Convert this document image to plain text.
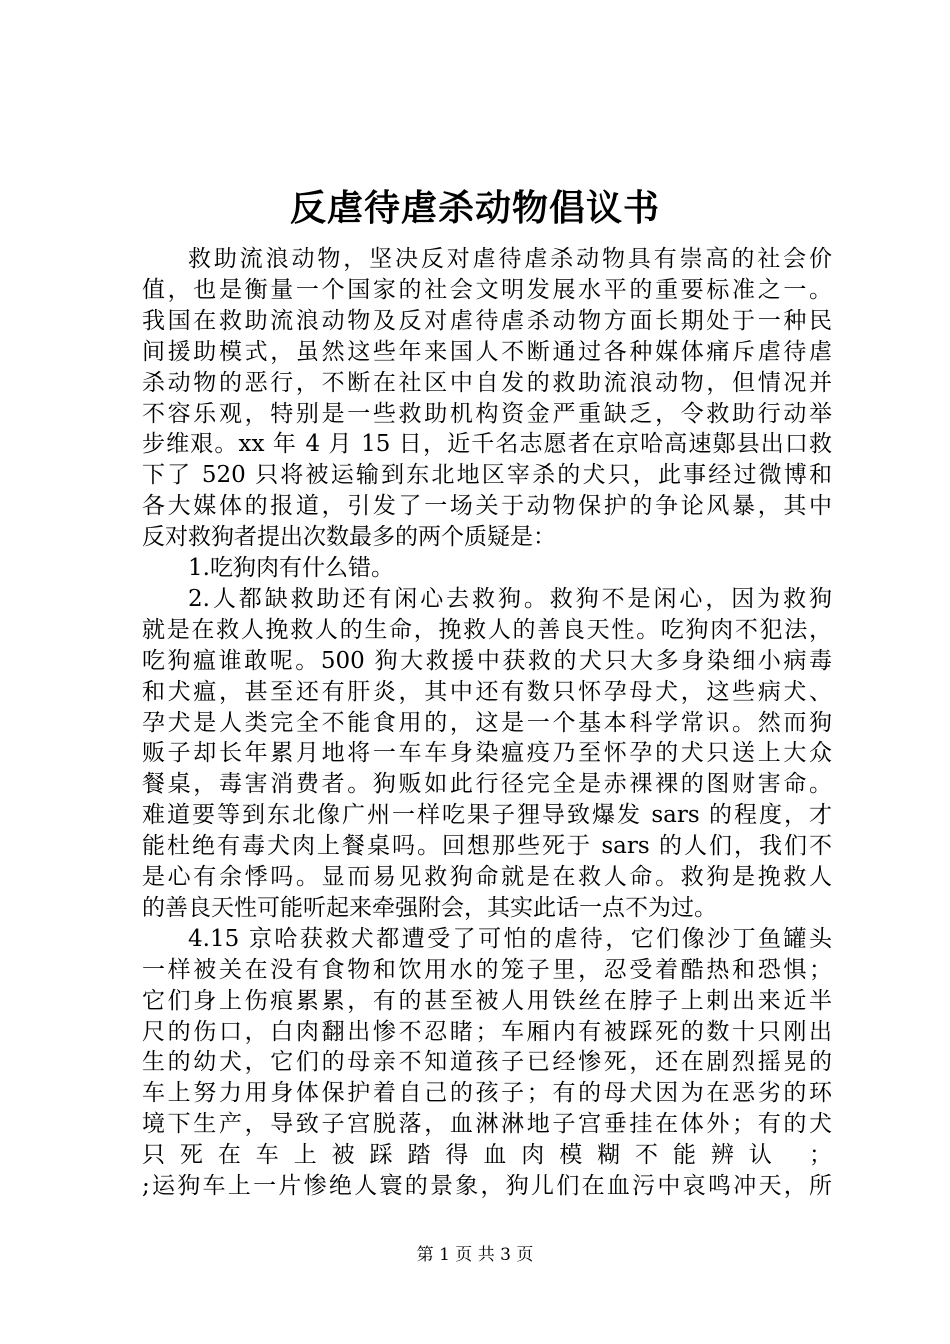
反虐待虐杀动物倡议书

救助流浪动物，坚决反对虐待虐杀动物具有崇高的社会价

值，也是衡量一个国家的社会文明发展水平的重要标准之一。

我国在救助流浪动物及反对虐待虐杀动物方面长期处于一种民

间援助模式，虽然这些年来国人不断通过各种媒体痛斥虐待虐

杀动物的恶行，不断在社区中自发的救助流浪动物，但情况并

不容乐观，特别是一些救助机构资金严重缺乏，令救助行动举

步维艰。xx 年 4 月 15 日，近千名志愿者在京哈高速鄚县出口救

下了 520 只将被运输到东北地区宰杀的犬只，此事经过微博和

各大媒体的报道，引发了一场关于动物保护的争论风暴，其中

反对救狗者提出次数最多的两个质疑是：

1.吃狗肉有什么错。

2.人都缺救助还有闲心去救狗。救狗不是闲心，因为救狗

就是在救人挽救人的生命，挽救人的善良天性。吃狗肉不犯法，

吃狗瘟谁敢呢。500 狗大救援中获救的犬只大多身染细小病毒

和犬瘟，甚至还有肝炎，其中还有数只怀孕母犬，这些病犬、

孕犬是人类完全不能食用的，这是一个基本科学常识。然而狗

贩子却长年累月地将一车车身染瘟疫乃至怀孕的犬只送上大众

餐桌，毒害消费者。狗贩如此行径完全是赤裸裸的图财害命。

难道要等到东北像广州一样吃果子狸导致爆发 sars 的程度，才

能杜绝有毒犬肉上餐桌吗。回想那些死于 sars 的人们，我们不

是心有余悸吗。显而易见救狗命就是在救人命。救狗是挽救人

的善良天性可能听起来牵强附会，其实此话一点不为过。

4.15 京哈获救犬都遭受了可怕的虐待，它们像沙丁鱼罐头

一样被关在没有食物和饮用水的笼子里，忍受着酷热和恐惧；

它们身上伤痕累累，有的甚至被人用铁丝在脖子上剌出来近半

尺的伤口，白肉翻出惨不忍睹；车厢内有被踩死的数十只刚出

生的幼犬，它们的母亲不知道孩子已经惨死，还在剧烈摇晃的

车上努力用身体保护着自己的孩子；有的母犬因为在恶劣的环

境下生产，导致子宫脱落，血淋淋地子宫垂挂在体外；有的犬

只死在车上被踩踏得血肉模糊不能辨认 ；

;运狗车上一片惨绝人寰的景象，狗儿们在血污中哀鸣冲天，所

第 1 页 共 3 页
